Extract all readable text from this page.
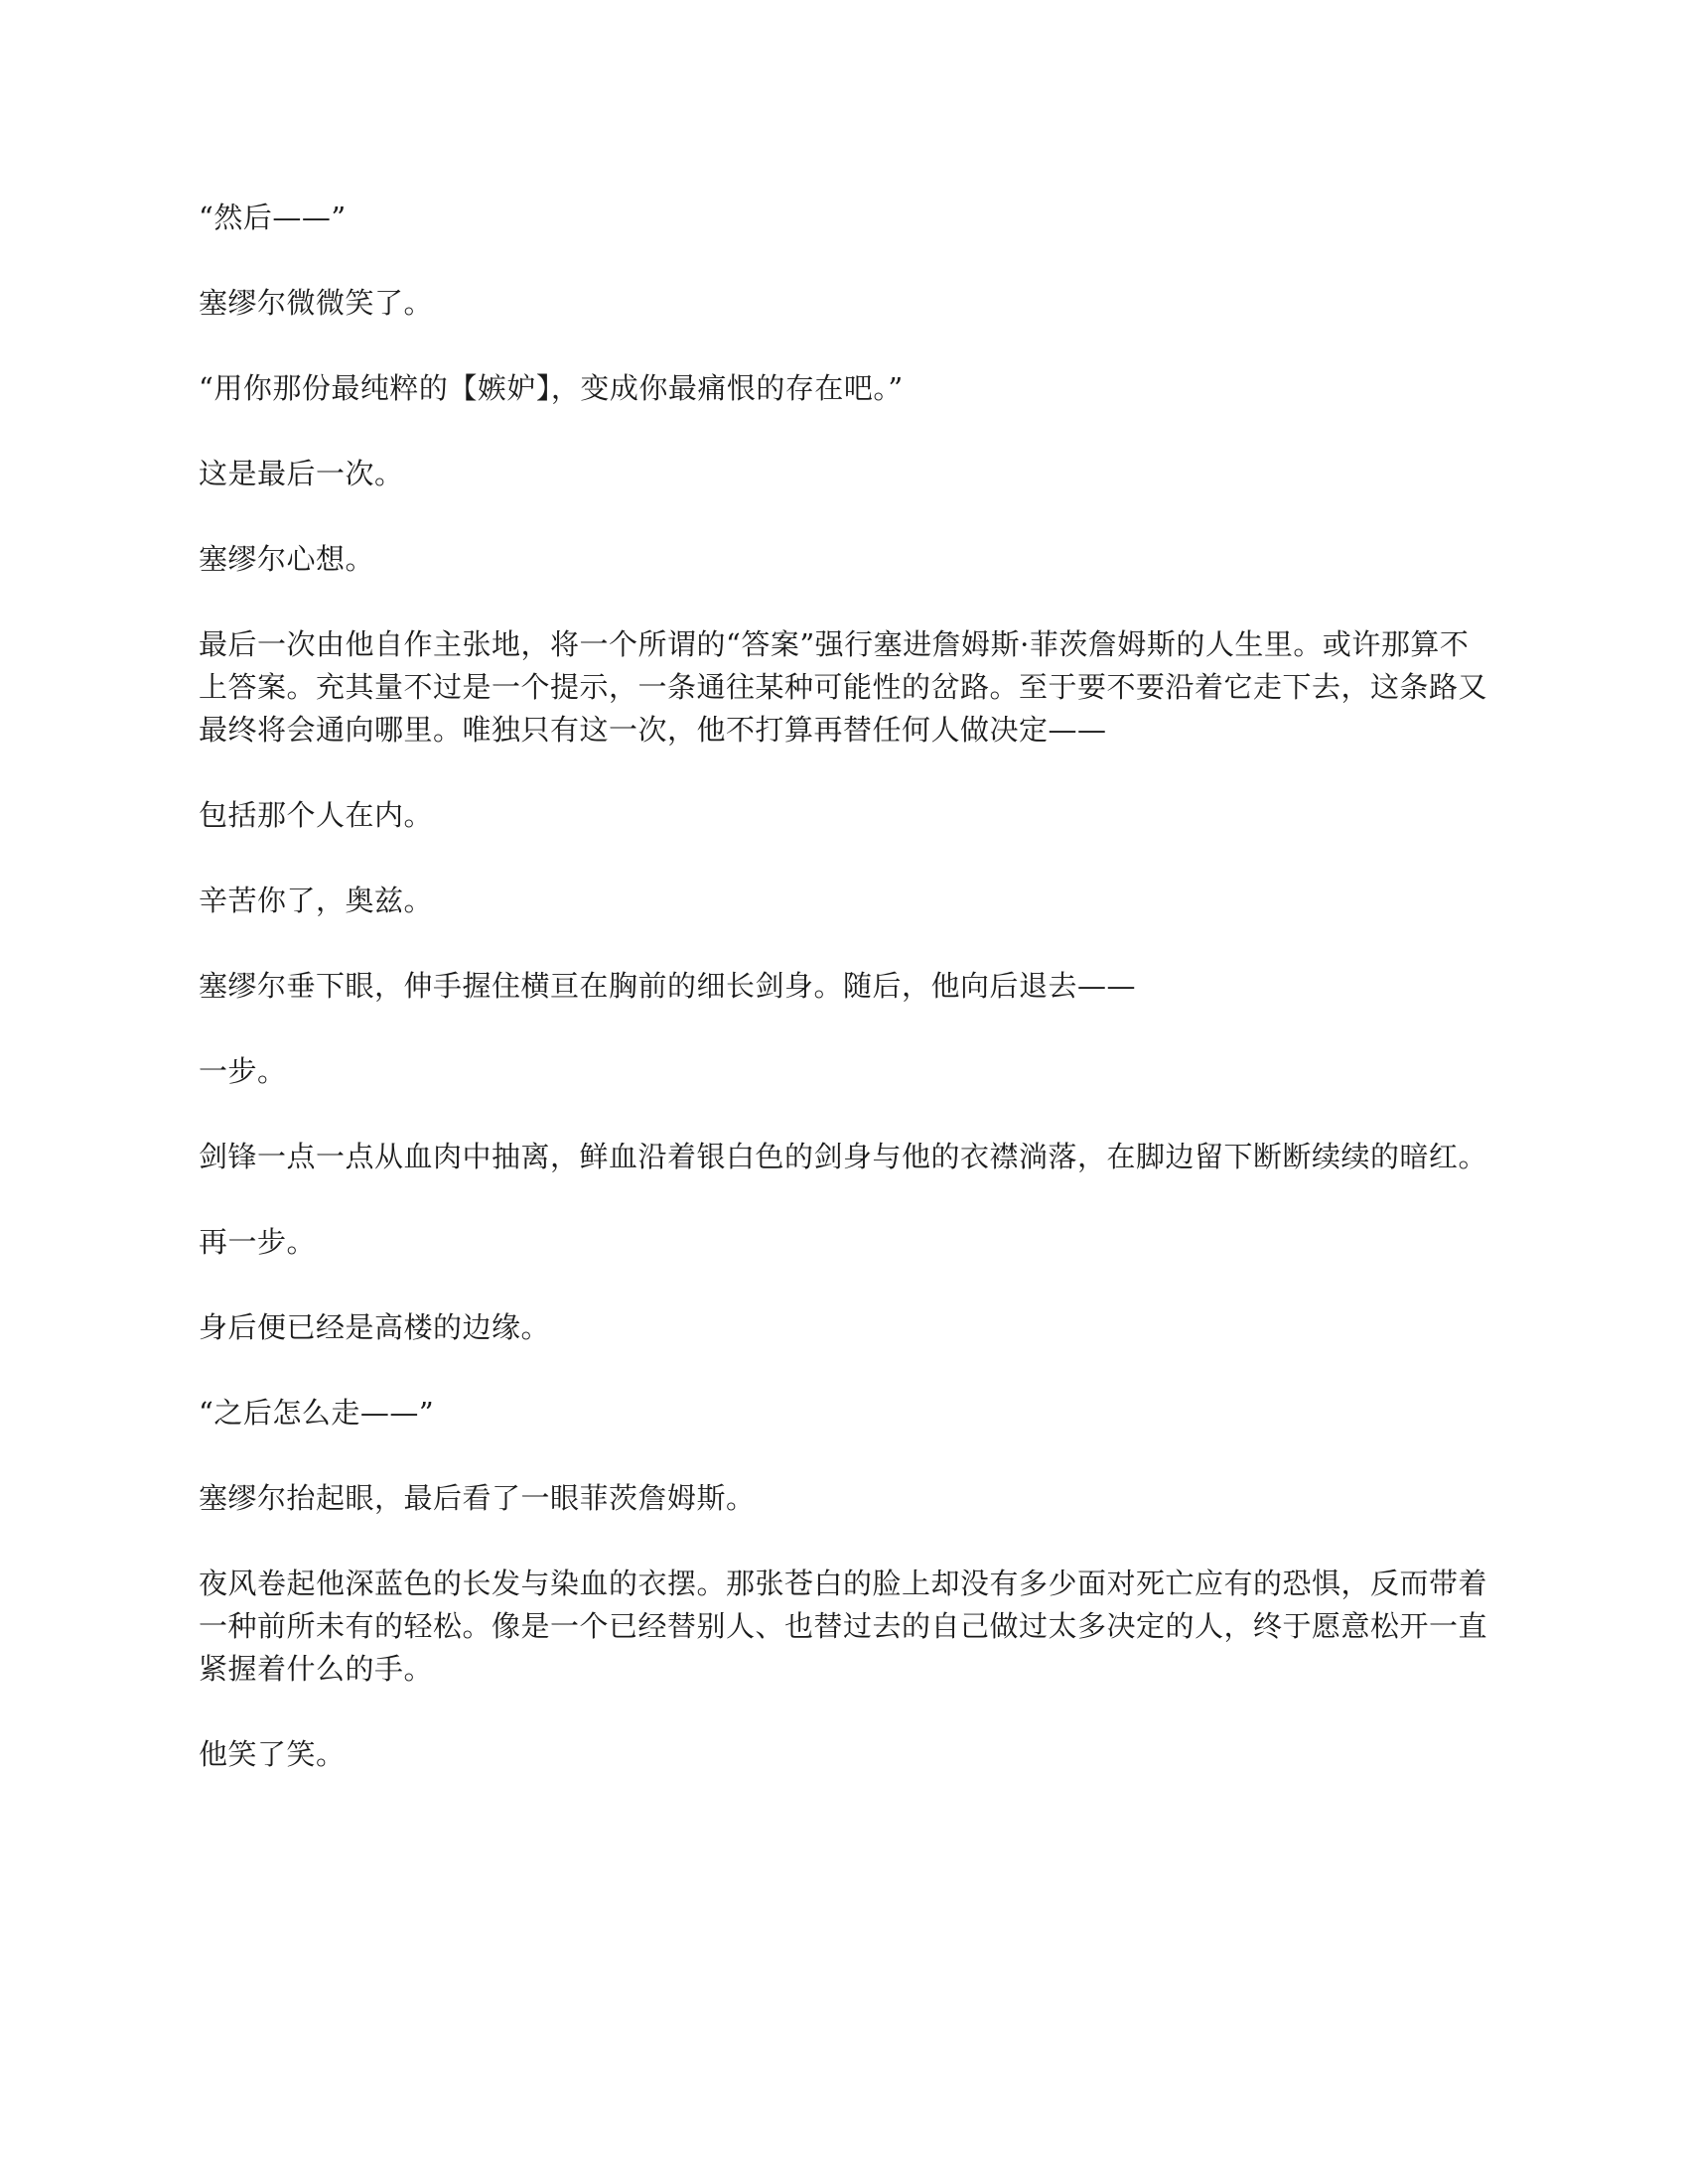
“然后——”

塞缪尔微微笑了。

“用你那份最纯粹的【嫉妒】，变成你最痛恨的存在吧。”

这是最后一次。

塞缪尔心想。

最后一次由他自作主张地，将一个所谓的“答案”强行塞进詹姆斯·菲茨詹姆斯的人生里。或许那算不上答案。充其量不过是一个提示，一条通往某种可能性的岔路。至于要不要沿着它走下去，这条路又最终将会通向哪里。唯独只有这一次，他不打算再替任何人做决定——

包括那个人在内。

辛苦你了，奥兹。

塞缪尔垂下眼，伸手握住横亘在胸前的细长剑身。随后，他向后退去——

一步。

剑锋一点一点从血肉中抽离，鲜血沿着银白色的剑身与他的衣襟淌落，在脚边留下断断续续的暗红。

再一步。

身后便已经是高楼的边缘。

“之后怎么走——”

塞缪尔抬起眼，最后看了一眼菲茨詹姆斯。

夜风卷起他深蓝色的长发与染血的衣摆。那张苍白的脸上却没有多少面对死亡应有的恐惧，反而带着一种前所未有的轻松。像是一个已经替别人、也替过去的自己做过太多决定的人，终于愿意松开一直紧握着什么的手。

他笑了笑。
